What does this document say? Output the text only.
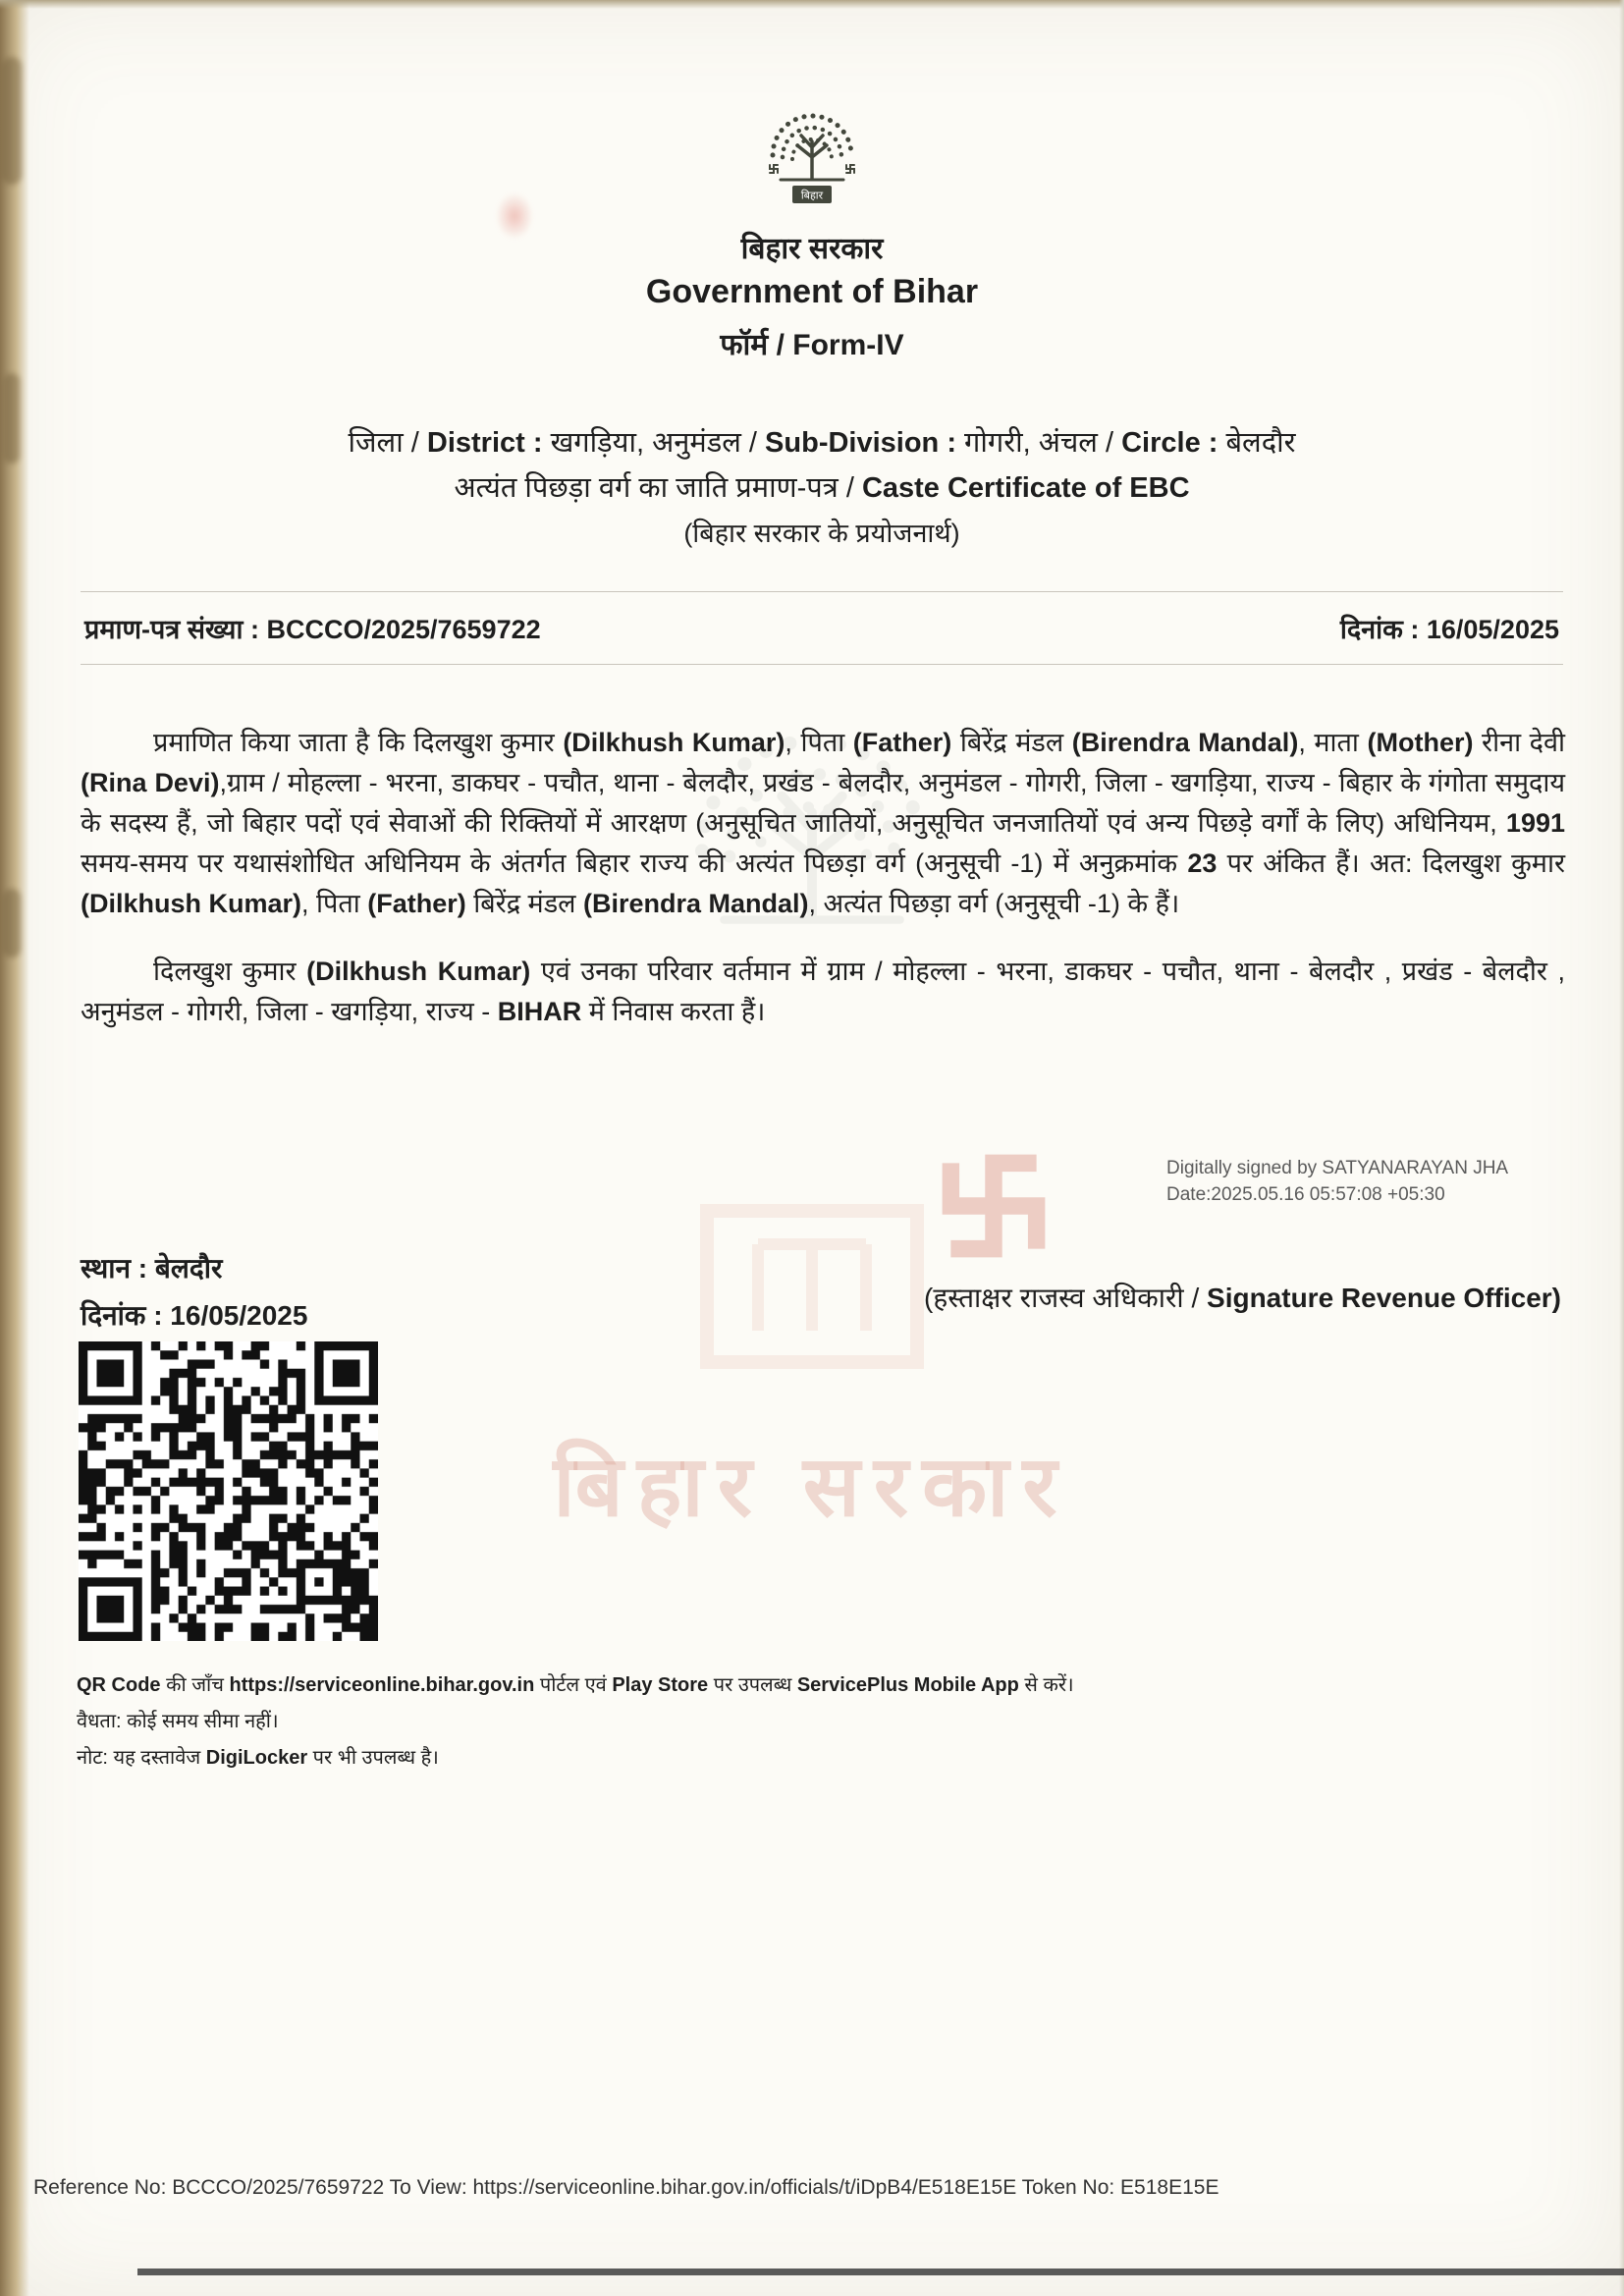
बिहार सरकार
बिहार
बिहार सरकार
Government of Bihar
फॉर्म / Form-IV
जिला / District : खगड़िया, अनुमंडल / Sub-Division : गोगरी, अंचल / Circle : बेलदौर
अत्यंत पिछड़ा वर्ग का जाति प्रमाण-पत्र / Caste Certificate of EBC
(बिहार सरकार के प्रयोजनार्थ)
प्रमाण-पत्र संख्या : BCCCO/2025/7659722	दिनांक : 16/05/2025

प्रमाणित किया जाता है कि दिलखुश कुमार (Dilkhush Kumar), पिता (Father) बिरेंद्र मंडल (Birendra Mandal), माता (Mother) रीना देवी (Rina Devi),ग्राम / मोहल्ला - भरना, डाकघर - पचौत, थाना - बेलदौर, प्रखंड - बेलदौर, अनुमंडल - गोगरी, जिला - खगड़िया, राज्य - बिहार के गंगोता समुदाय के सदस्य हैं, जो बिहार पदों एवं सेवाओं की रिक्तियों में आरक्षण (अनुसूचित जातियों, अनुसूचित जनजातियों एवं अन्य पिछड़े वर्गों के लिए) अधिनियम, 1991 समय-समय पर यथासंशोधित अधिनियम के अंतर्गत बिहार राज्य की अत्यंत पिछड़ा वर्ग (अनुसूची -1) में अनुक्रमांक 23 पर अंकित हैं। अत: दिलखुश कुमार (Dilkhush Kumar), पिता (Father) बिरेंद्र मंडल (Birendra Mandal), अत्यंत पिछड़ा वर्ग (अनुसूची -1) के हैं।

दिलखुश कुमार (Dilkhush Kumar) एवं उनका परिवार वर्तमान में ग्राम / मोहल्ला - भरना, डाकघर - पचौत, थाना - बेलदौर , प्रखंड - बेलदौर , अनुमंडल - गोगरी, जिला - खगड़िया, राज्य - BIHAR में निवास करता हैं।

Digitally signed by SATYANARAYAN JHA
Date:2025.05.16 05:57:08 +05:30
स्थान : बेलदौर
दिनांक : 16/05/2025
(हस्ताक्षर राजस्व अधिकारी / Signature Revenue Officer)
QR Code की जाँच https://serviceonline.bihar.gov.in पोर्टल एवं Play Store पर उपलब्ध ServicePlus Mobile App से करें।
वैधता: कोई समय सीमा नहीं।
नोट: यह दस्तावेज DigiLocker पर भी उपलब्ध है।
Reference No: BCCCO/2025/7659722 To View: https://serviceonline.bihar.gov.in/officials/t/iDpB4/E518E15E Token No: E518E15E
